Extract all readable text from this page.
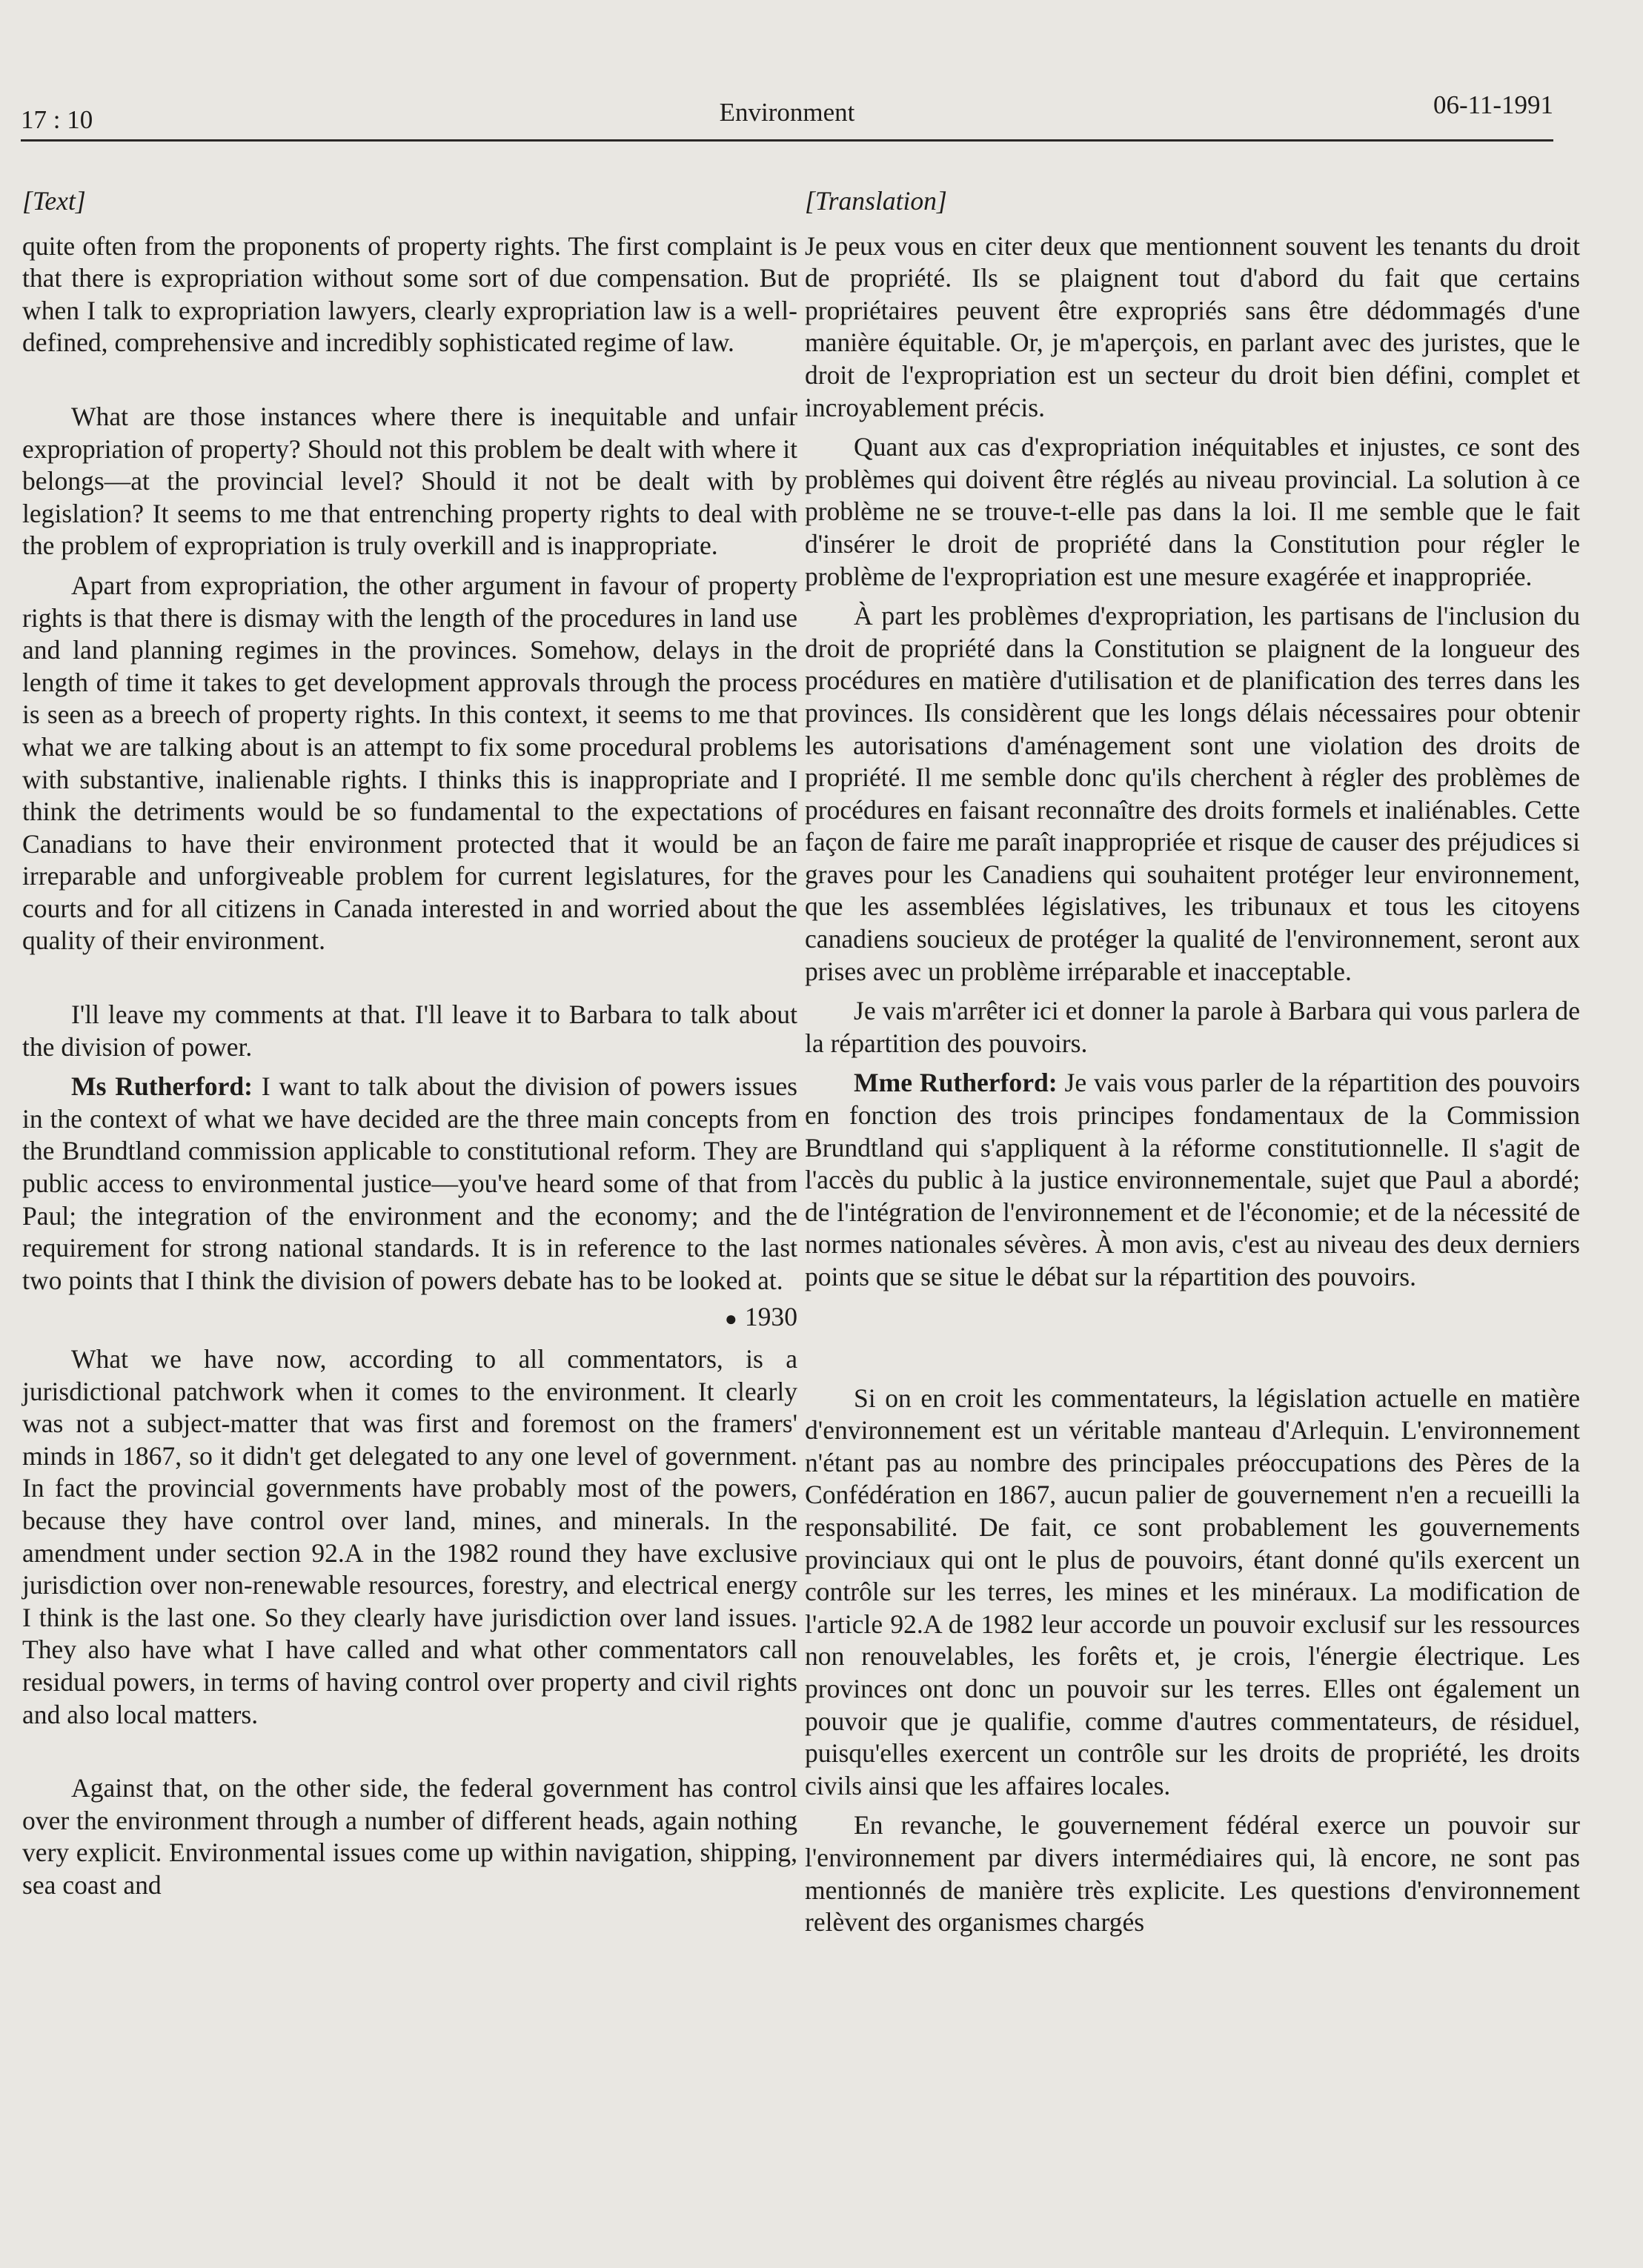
17 : 10	Environment	06-11-1991

[Text]

quite often from the proponents of property rights. The first complaint is that there is expropriation without some sort of due compensation. But when I talk to expropriation lawyers, clearly expropriation law is a well-defined, comprehensive and incredibly sophisticated regime of law.

What are those instances where there is inequitable and unfair expropriation of property? Should not this problem be dealt with where it belongs—at the provincial level? Should it not be dealt with by legislation? It seems to me that entrenching property rights to deal with the problem of expropriation is truly overkill and is inappropriate.

Apart from expropriation, the other argument in favour of property rights is that there is dismay with the length of the procedures in land use and land planning regimes in the provinces. Somehow, delays in the length of time it takes to get development approvals through the process is seen as a breech of property rights. In this context, it seems to me that what we are talking about is an attempt to fix some procedural problems with substantive, inalienable rights. I thinks this is inappropriate and I think the detriments would be so fundamental to the expectations of Canadians to have their environment protected that it would be an irreparable and unforgiveable problem for current legislatures, for the courts and for all citizens in Canada interested in and worried about the quality of their environment.

I'll leave my comments at that. I'll leave it to Barbara to talk about the division of power.

Ms Rutherford: I want to talk about the division of powers issues in the context of what we have decided are the three main concepts from the Brundtland commission applicable to constitutional reform. They are public access to environmental justice—you've heard some of that from Paul; the integration of the environment and the economy; and the requirement for strong national standards. It is in reference to the last two points that I think the division of powers debate has to be looked at.

● 1930

What we have now, according to all commentators, is a jurisdictional patchwork when it comes to the environment. It clearly was not a subject-matter that was first and foremost on the framers' minds in 1867, so it didn't get delegated to any one level of government. In fact the provincial governments have probably most of the powers, because they have control over land, mines, and minerals. In the amendment under section 92.A in the 1982 round they have exclusive jurisdiction over non-renewable resources, forestry, and electrical energy I think is the last one. So they clearly have jurisdiction over land issues. They also have what I have called and what other commentators call residual powers, in terms of having control over property and civil rights and also local matters.

Against that, on the other side, the federal government has control over the environment through a number of different heads, again nothing very explicit. Environmental issues come up within navigation, shipping, sea coast and

[Translation]

Je peux vous en citer deux que mentionnent souvent les tenants du droit de propriété. Ils se plaignent tout d'abord du fait que certains propriétaires peuvent être expropriés sans être dédommagés d'une manière équitable. Or, je m'aperçois, en parlant avec des juristes, que le droit de l'expropriation est un secteur du droit bien défini, complet et incroyablement précis.

Quant aux cas d'expropriation inéquitables et injustes, ce sont des problèmes qui doivent être réglés au niveau provincial. La solution à ce problème ne se trouve-t-elle pas dans la loi. Il me semble que le fait d'insérer le droit de propriété dans la Constitution pour régler le problème de l'expropriation est une mesure exagérée et inappropriée.

À part les problèmes d'expropriation, les partisans de l'inclusion du droit de propriété dans la Constitution se plaignent de la longueur des procédures en matière d'utilisation et de planification des terres dans les provinces. Ils considèrent que les longs délais nécessaires pour obtenir les autorisations d'aménagement sont une violation des droits de propriété. Il me semble donc qu'ils cherchent à régler des problèmes de procédures en faisant reconnaître des droits formels et inaliénables. Cette façon de faire me paraît inappropriée et risque de causer des préjudices si graves pour les Canadiens qui souhaitent protéger leur environnement, que les assemblées législatives, les tribunaux et tous les citoyens canadiens soucieux de protéger la qualité de l'environnement, seront aux prises avec un problème irréparable et inacceptable.

Je vais m'arrêter ici et donner la parole à Barbara qui vous parlera de la répartition des pouvoirs.

Mme Rutherford: Je vais vous parler de la répartition des pouvoirs en fonction des trois principes fondamentaux de la Commission Brundtland qui s'appliquent à la réforme constitutionnelle. Il s'agit de l'accès du public à la justice environnementale, sujet que Paul a abordé; de l'intégration de l'environnement et de l'économie; et de la nécessité de normes nationales sévères. À mon avis, c'est au niveau des deux derniers points que se situe le débat sur la répartition des pouvoirs.

Si on en croit les commentateurs, la législation actuelle en matière d'environnement est un véritable manteau d'Arlequin. L'environnement n'étant pas au nombre des principales préoccupations des Pères de la Confédération en 1867, aucun palier de gouvernement n'en a recueilli la responsabilité. De fait, ce sont probablement les gouvernements provinciaux qui ont le plus de pouvoirs, étant donné qu'ils exercent un contrôle sur les terres, les mines et les minéraux. La modification de l'article 92.A de 1982 leur accorde un pouvoir exclusif sur les ressources non renouvelables, les forêts et, je crois, l'énergie électrique. Les provinces ont donc un pouvoir sur les terres. Elles ont également un pouvoir que je qualifie, comme d'autres commentateurs, de résiduel, puisqu'elles exercent un contrôle sur les droits de propriété, les droits civils ainsi que les affaires locales.

En revanche, le gouvernement fédéral exerce un pouvoir sur l'environnement par divers intermédiaires qui, là encore, ne sont pas mentionnés de manière très explicite. Les questions d'environnement relèvent des organismes chargés
